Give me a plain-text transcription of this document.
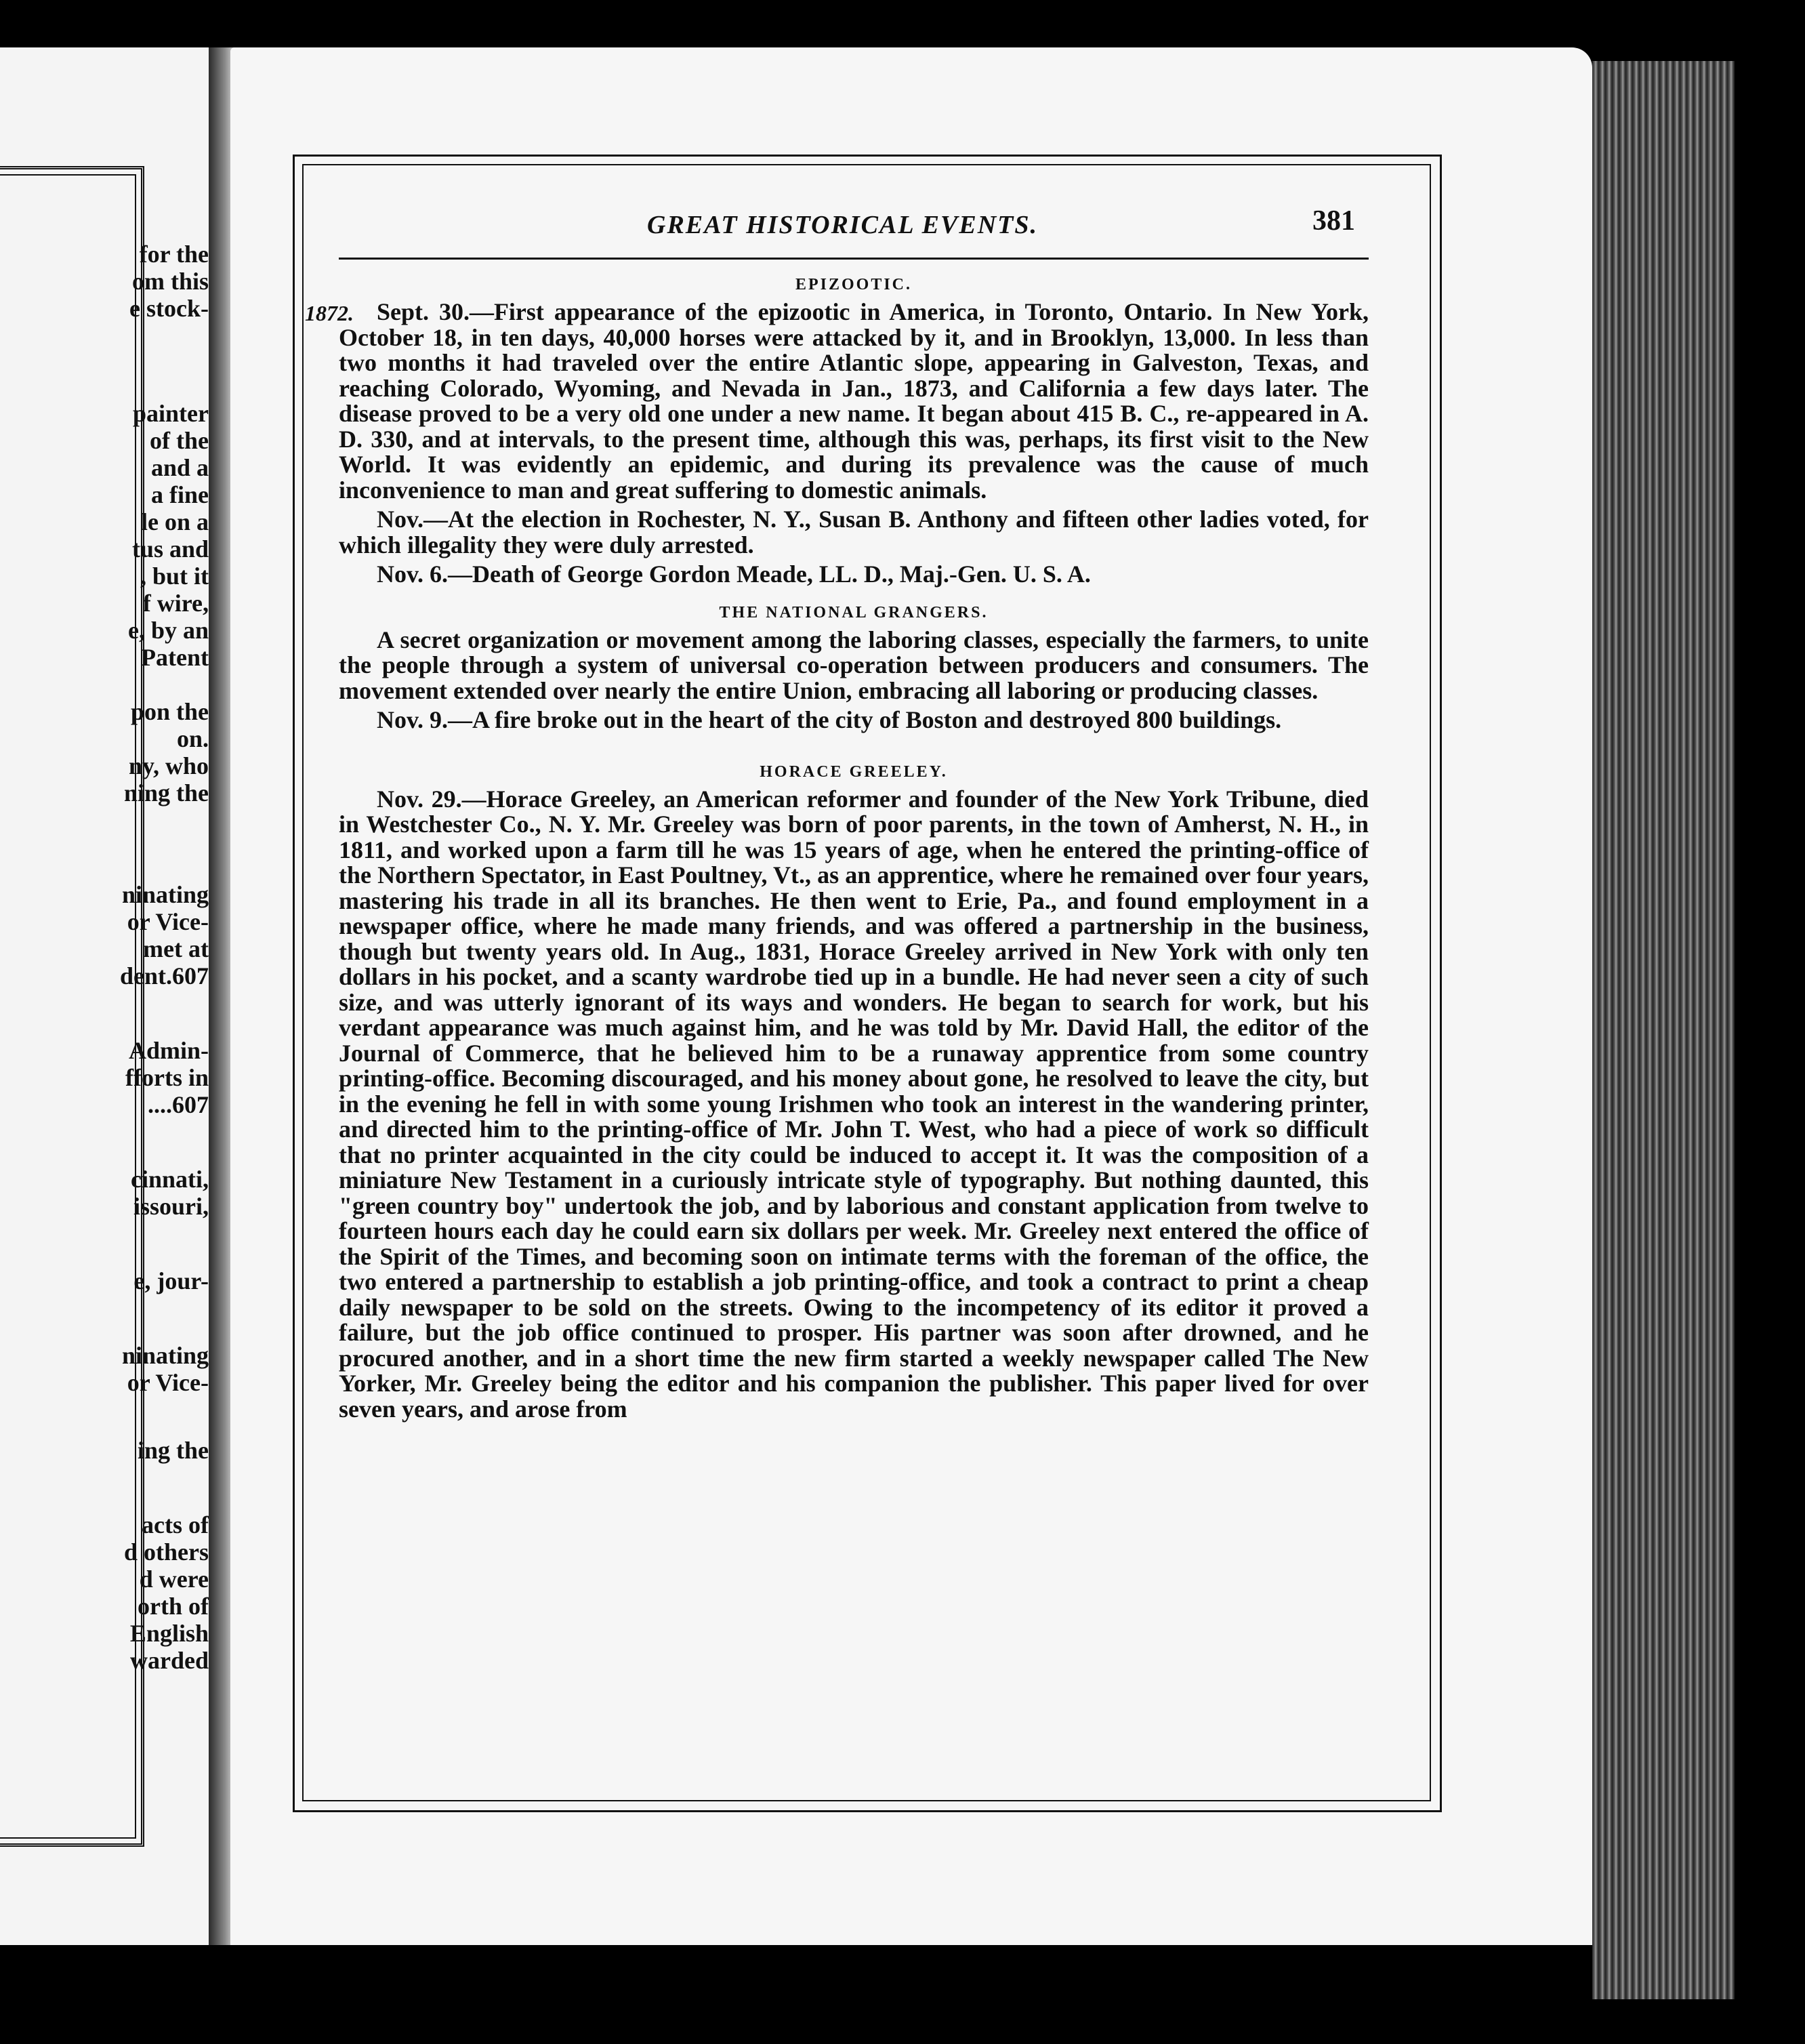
for the
om this
e stock-
painter
of the
and a
a fine
le on a
tus and
, but it
f wire,
e, by an
Patent
pon the
on.
ny, who
ning the
ninating
or Vice-
met at
dent.607
Admin-
fforts in
....607
cinnati,
issouri,
e, jour-
ninating
or Vice-
ing the
acts of
d others
d were
orth of
English
warded
GREAT HISTORICAL EVENTS.	381
EPIZOOTIC.
1872. Sept. 30.—First appearance of the epizootic in America, in Toronto, Ontario. In New York, October 18, in ten days, 40,000 horses were attacked by it, and in Brooklyn, 13,000. In less than two months it had traveled over the entire Atlantic slope, appearing in Galveston, Texas, and reaching Colorado, Wyoming, and Nevada in Jan., 1873, and California a few days later. The disease proved to be a very old one under a new name. It began about 415 B. C., re-appeared in A. D. 330, and at intervals, to the present time, although this was, perhaps, its first visit to the New World. It was evidently an epidemic, and during its prevalence was the cause of much inconvenience to man and great suffering to domestic animals.

Nov.—At the election in Rochester, N. Y., Susan B. Anthony and fifteen other ladies voted, for which illegality they were duly arrested.

Nov. 6.—Death of George Gordon Meade, LL. D., Maj.-Gen. U. S. A.

THE NATIONAL GRANGERS.

A secret organization or movement among the laboring classes, especially the farmers, to unite the people through a system of universal co-operation between producers and consumers. The movement extended over nearly the entire Union, embracing all laboring or producing classes.

Nov. 9.—A fire broke out in the heart of the city of Boston and destroyed 800 buildings.

HORACE GREELEY.

Nov. 29.—Horace Greeley, an American reformer and founder of the New York Tribune, died in Westchester Co., N. Y. Mr. Greeley was born of poor parents, in the town of Amherst, N. H., in 1811, and worked upon a farm till he was 15 years of age, when he entered the printing-office of the Northern Spectator, in East Poultney, Vt., as an apprentice, where he remained over four years, mastering his trade in all its branches. He then went to Erie, Pa., and found employment in a newspaper office, where he made many friends, and was offered a partnership in the business, though but twenty years old. In Aug., 1831, Horace Greeley arrived in New York with only ten dollars in his pocket, and a scanty wardrobe tied up in a bundle. He had never seen a city of such size, and was utterly ignorant of its ways and wonders. He began to search for work, but his verdant appearance was much against him, and he was told by Mr. David Hall, the editor of the Journal of Commerce, that he believed him to be a runaway apprentice from some country printing-office. Becoming discouraged, and his money about gone, he resolved to leave the city, but in the evening he fell in with some young Irishmen who took an interest in the wandering printer, and directed him to the printing-office of Mr. John T. West, who had a piece of work so difficult that no printer acquainted in the city could be induced to accept it. It was the composition of a miniature New Testament in a curiously intricate style of typography. But nothing daunted, this "green country boy" undertook the job, and by laborious and constant application from twelve to fourteen hours each day he could earn six dollars per week. Mr. Greeley next entered the office of the Spirit of the Times, and becoming soon on intimate terms with the foreman of the office, the two entered a partnership to establish a job printing-office, and took a contract to print a cheap daily newspaper to be sold on the streets. Owing to the incompetency of its editor it proved a failure, but the job office continued to prosper. His partner was soon after drowned, and he procured another, and in a short time the new firm started a weekly newspaper called The New Yorker, Mr. Greeley being the editor and his companion the publisher. This paper lived for over seven years, and arose from
